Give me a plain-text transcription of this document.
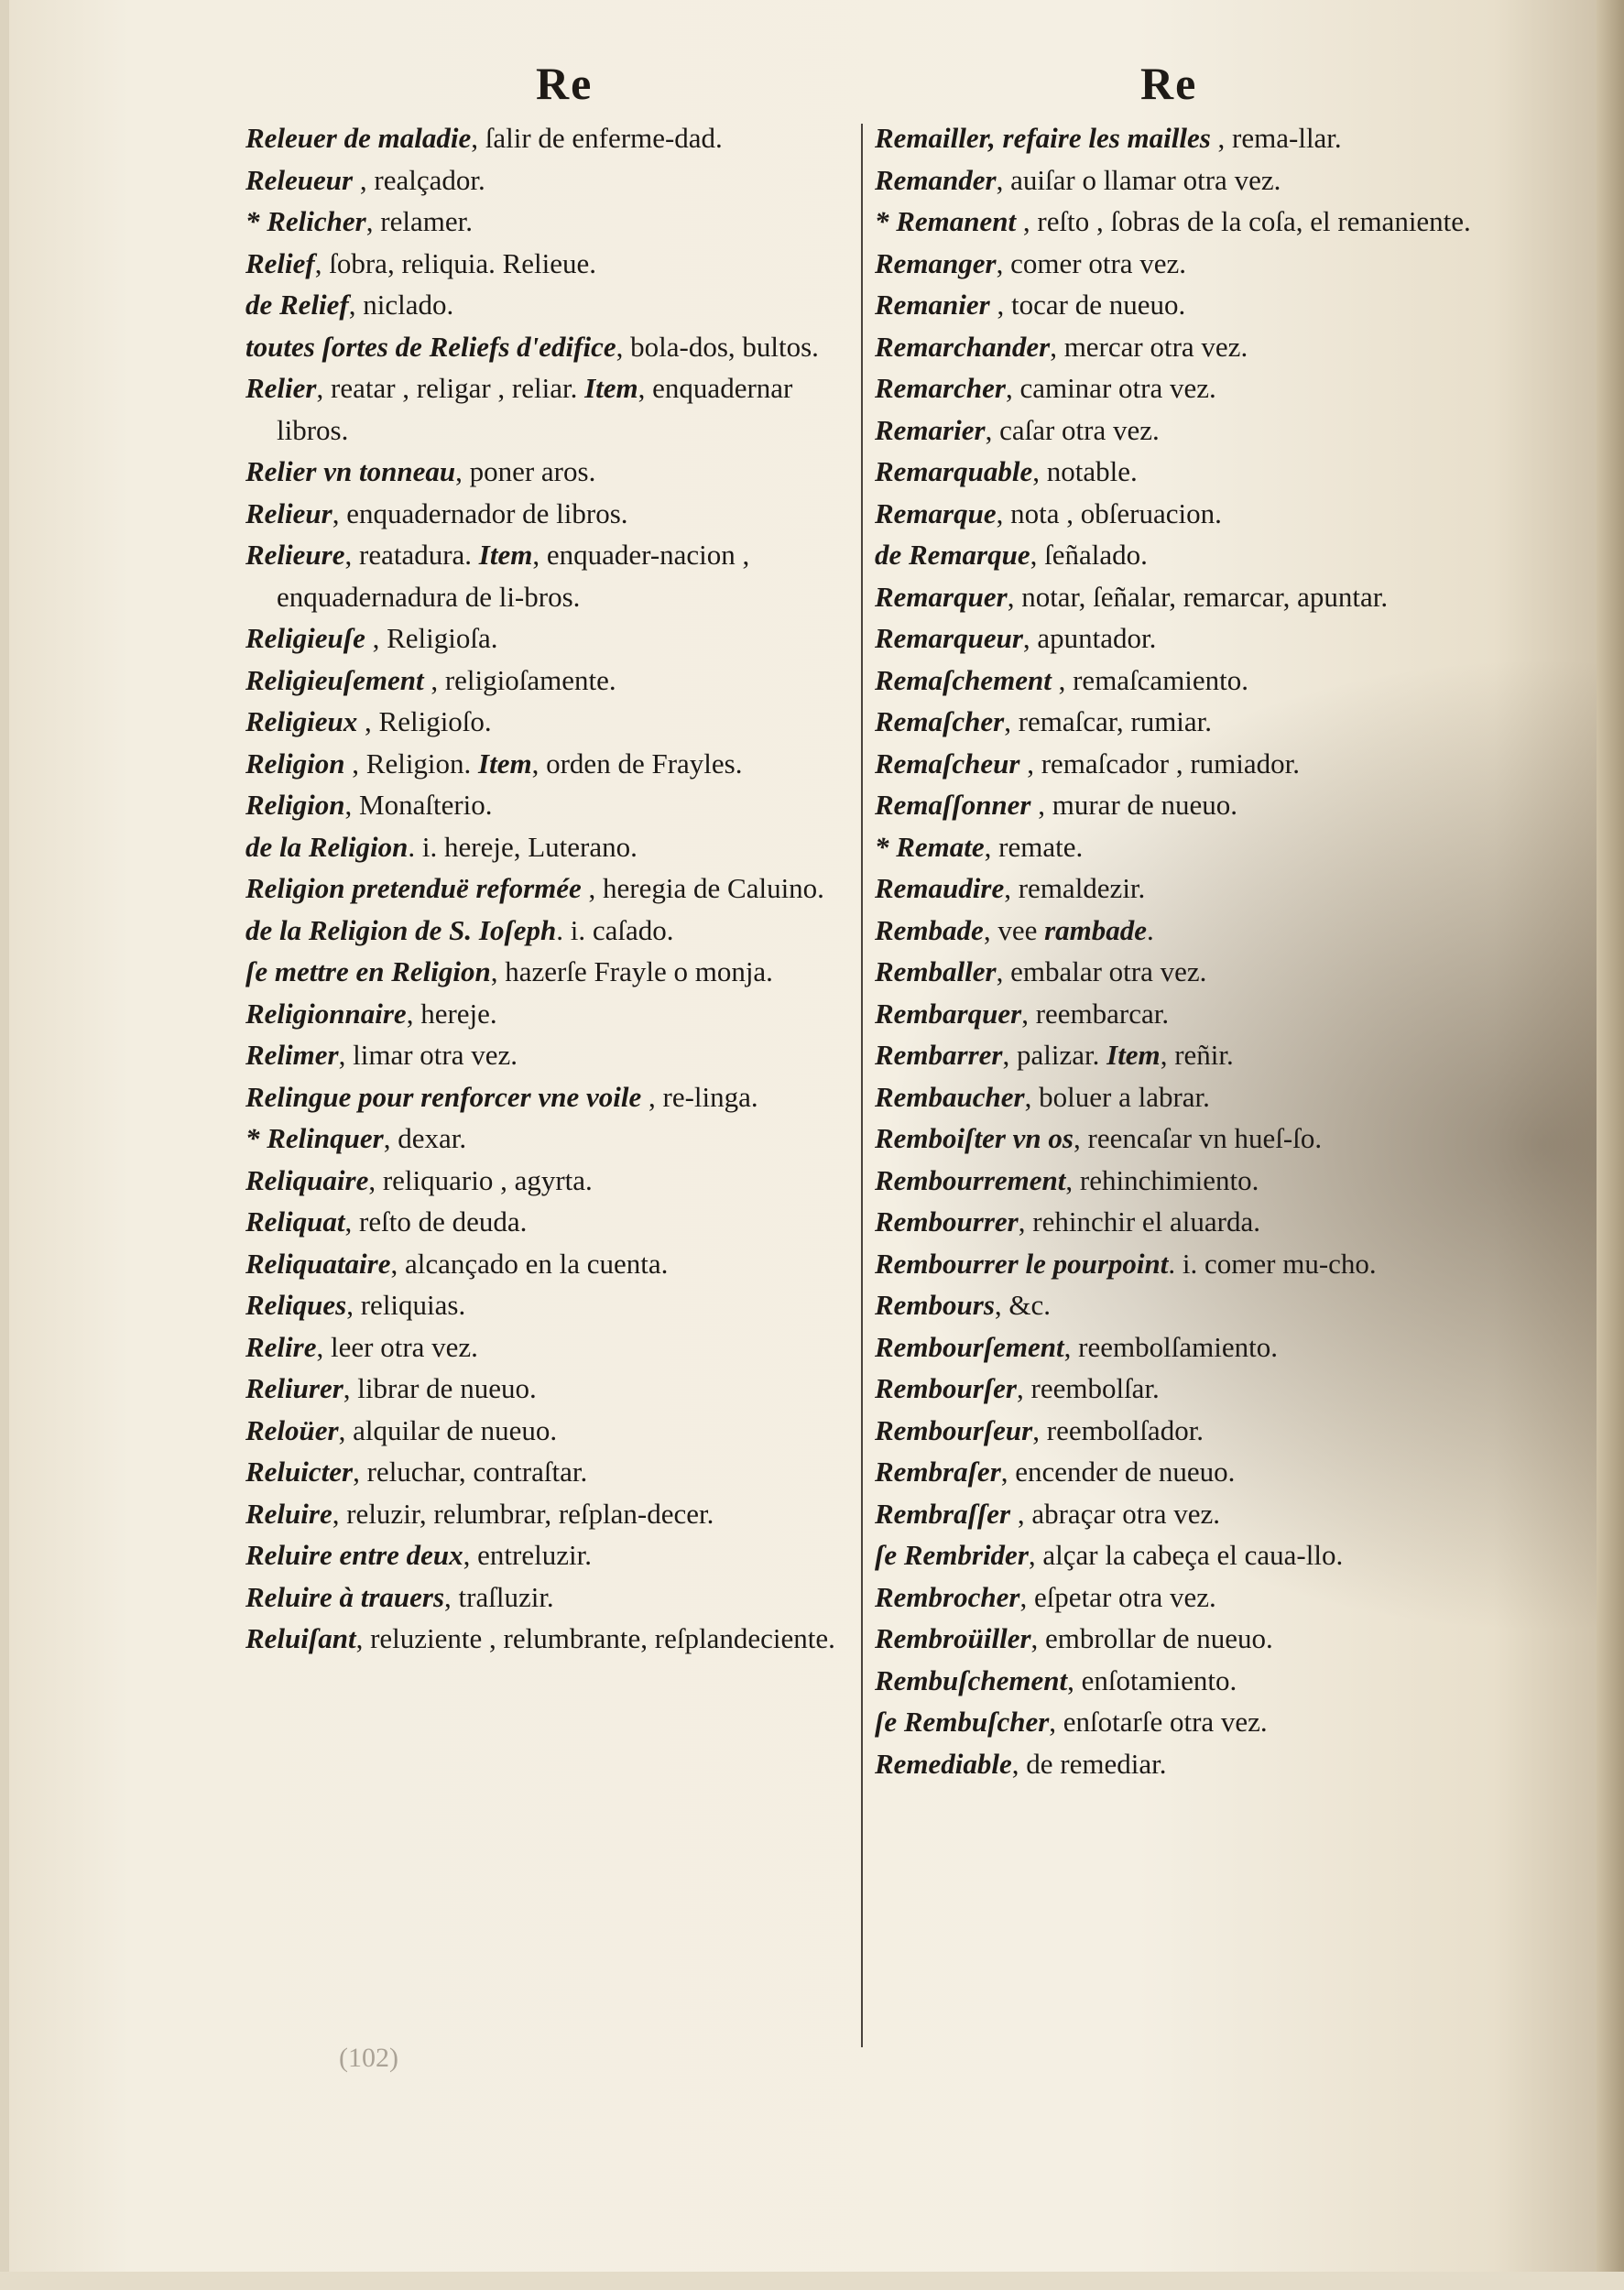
Re	Re
Releuer de maladie, ſalir de enferme-dad.
Releueur , realçador.
* Relicher, relamer.
Relief, ſobra, reliquia. Relieue.
de Relief, niclado.
toutes ſortes de Reliefs d'edifice, bola-dos, bultos.
Relier, reatar , religar , reliar. Item, enquadernar libros.
Relier vn tonneau, poner aros.
Relieur, enquadernador de libros.
Relieure, reatadura. Item, enquader-nacion , enquadernadura de li-bros.
Religieuſe , Religioſa.
Religieuſement , religioſamente.
Religieux , Religioſo.
Religion , Religion. Item, orden de Frayles.
Religion, Monaſterio.
de la Religion. i. hereje, Luterano.
Religion pretenduë reformée , heregia de Caluino.
de la Religion de S. Ioſeph. i. caſado.
ſe mettre en Religion, hazerſe Frayle o monja.
Religionnaire, hereje.
Relimer, limar otra vez.
Relingue pour renforcer vne voile , re-linga.
* Relinquer, dexar.
Reliquaire, reliquario , agyrta.
Reliquat, reſto de deuda.
Reliquataire, alcançado en la cuenta.
Reliques, reliquias.
Relire, leer otra vez.
Reliurer, librar de nueuo.
Reloüer, alquilar de nueuo.
Reluicter, reluchar, contraſtar.
Reluire, reluzir, relumbrar, reſplan-decer.
Reluire entre deux, entreluzir.
Reluire à trauers, traſluzir.
Reluiſant, reluziente , relumbrante, reſplandeciente.
Remailler, refaire les mailles , rema-llar.
Remander, auiſar o llamar otra vez.
* Remanent , reſto , ſobras de la coſa, el remaniente.
Remanger, comer otra vez.
Remanier , tocar de nueuo.
Remarchander, mercar otra vez.
Remarcher, caminar otra vez.
Remarier, caſar otra vez.
Remarquable, notable.
Remarque, nota , obſeruacion.
de Remarque, ſeñalado.
Remarquer, notar, ſeñalar, remarcar, apuntar.
Remarqueur, apuntador.
Remaſchement , remaſcamiento.
Remaſcher, remaſcar, rumiar.
Remaſcheur , remaſcador , rumiador.
Remaſſonner , murar de nueuo.
* Remate, remate.
Remaudire, remaldezir.
Rembade, vee rambade.
Remballer, embalar otra vez.
Rembarquer, reembarcar.
Rembarrer, palizar. Item, reñir.
Rembaucher, boluer a labrar.
Remboiſter vn os, reencaſar vn hueſ-ſo.
Rembourrement, rehinchimiento.
Rembourrer, rehinchir el aluarda.
Rembourrer le pourpoint. i. comer mu-cho.
Rembours, &c.
Rembourſement, reembolſamiento.
Rembourſer, reembolſar.
Rembourſeur, reembolſador.
Rembraſer, encender de nueuo.
Rembraſſer , abraçar otra vez.
ſe Rembrider, alçar la cabeça el caua-llo.
Rembrocher, eſpetar otra vez.
Rembroüiller, embrollar de nueuo.
Rembuſchement, enſotamiento.
ſe Rembuſcher, enſotarſe otra vez.
Remediable, de remediar.
(102)
